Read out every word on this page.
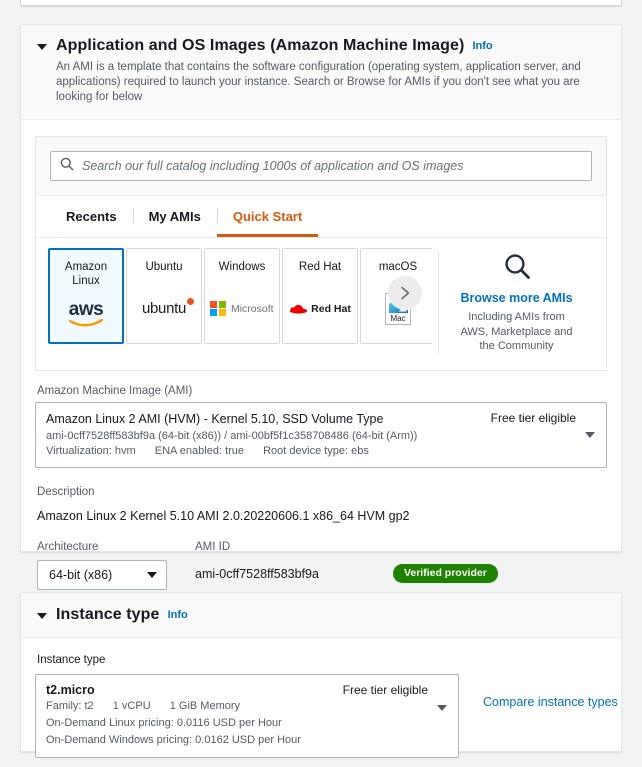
Application and OS Images (Amazon Machine Image) Info
An AMI is a template that contains the software configuration (operating system, application server, and applications) required to launch your instance. Search or Browse for AMIs if you don't see what you are looking for below
Search our full catalog including 1000s of application and OS images
Recents	My AMIs	Quick Start
Amazon Linux
aws
Ubuntu
ubuntu
Windows
Microsoft
Red Hat
Red Hat
macOS
Mac
Browse more AMIs
Including AMIs from AWS, Marketplace and the Community
Amazon Machine Image (AMI)
Amazon Linux 2 AMI (HVM) - Kernel 5.10, SSD Volume Type	Free tier eligible
ami-0cff7528ff583bf9a (64-bit (x86)) / ami-00bf5f1c358708486 (64-bit (Arm))
Virtualization: hvm ENA enabled: true Root device type: ebs
Description
Amazon Linux 2 Kernel 5.10 AMI 2.0.20220606.1 x86_64 HVM gp2
Architecture
64-bit (x86)
AMI ID
ami-0cff7528ff583bf9a	Verified provider
Instance type Info
Instance type
t2.micro	Free tier eligible
Family: t2 1 vCPU 1 GiB Memory
On-Demand Linux pricing: 0.0116 USD per Hour
On-Demand Windows pricing: 0.0162 USD per Hour
Compare instance types
